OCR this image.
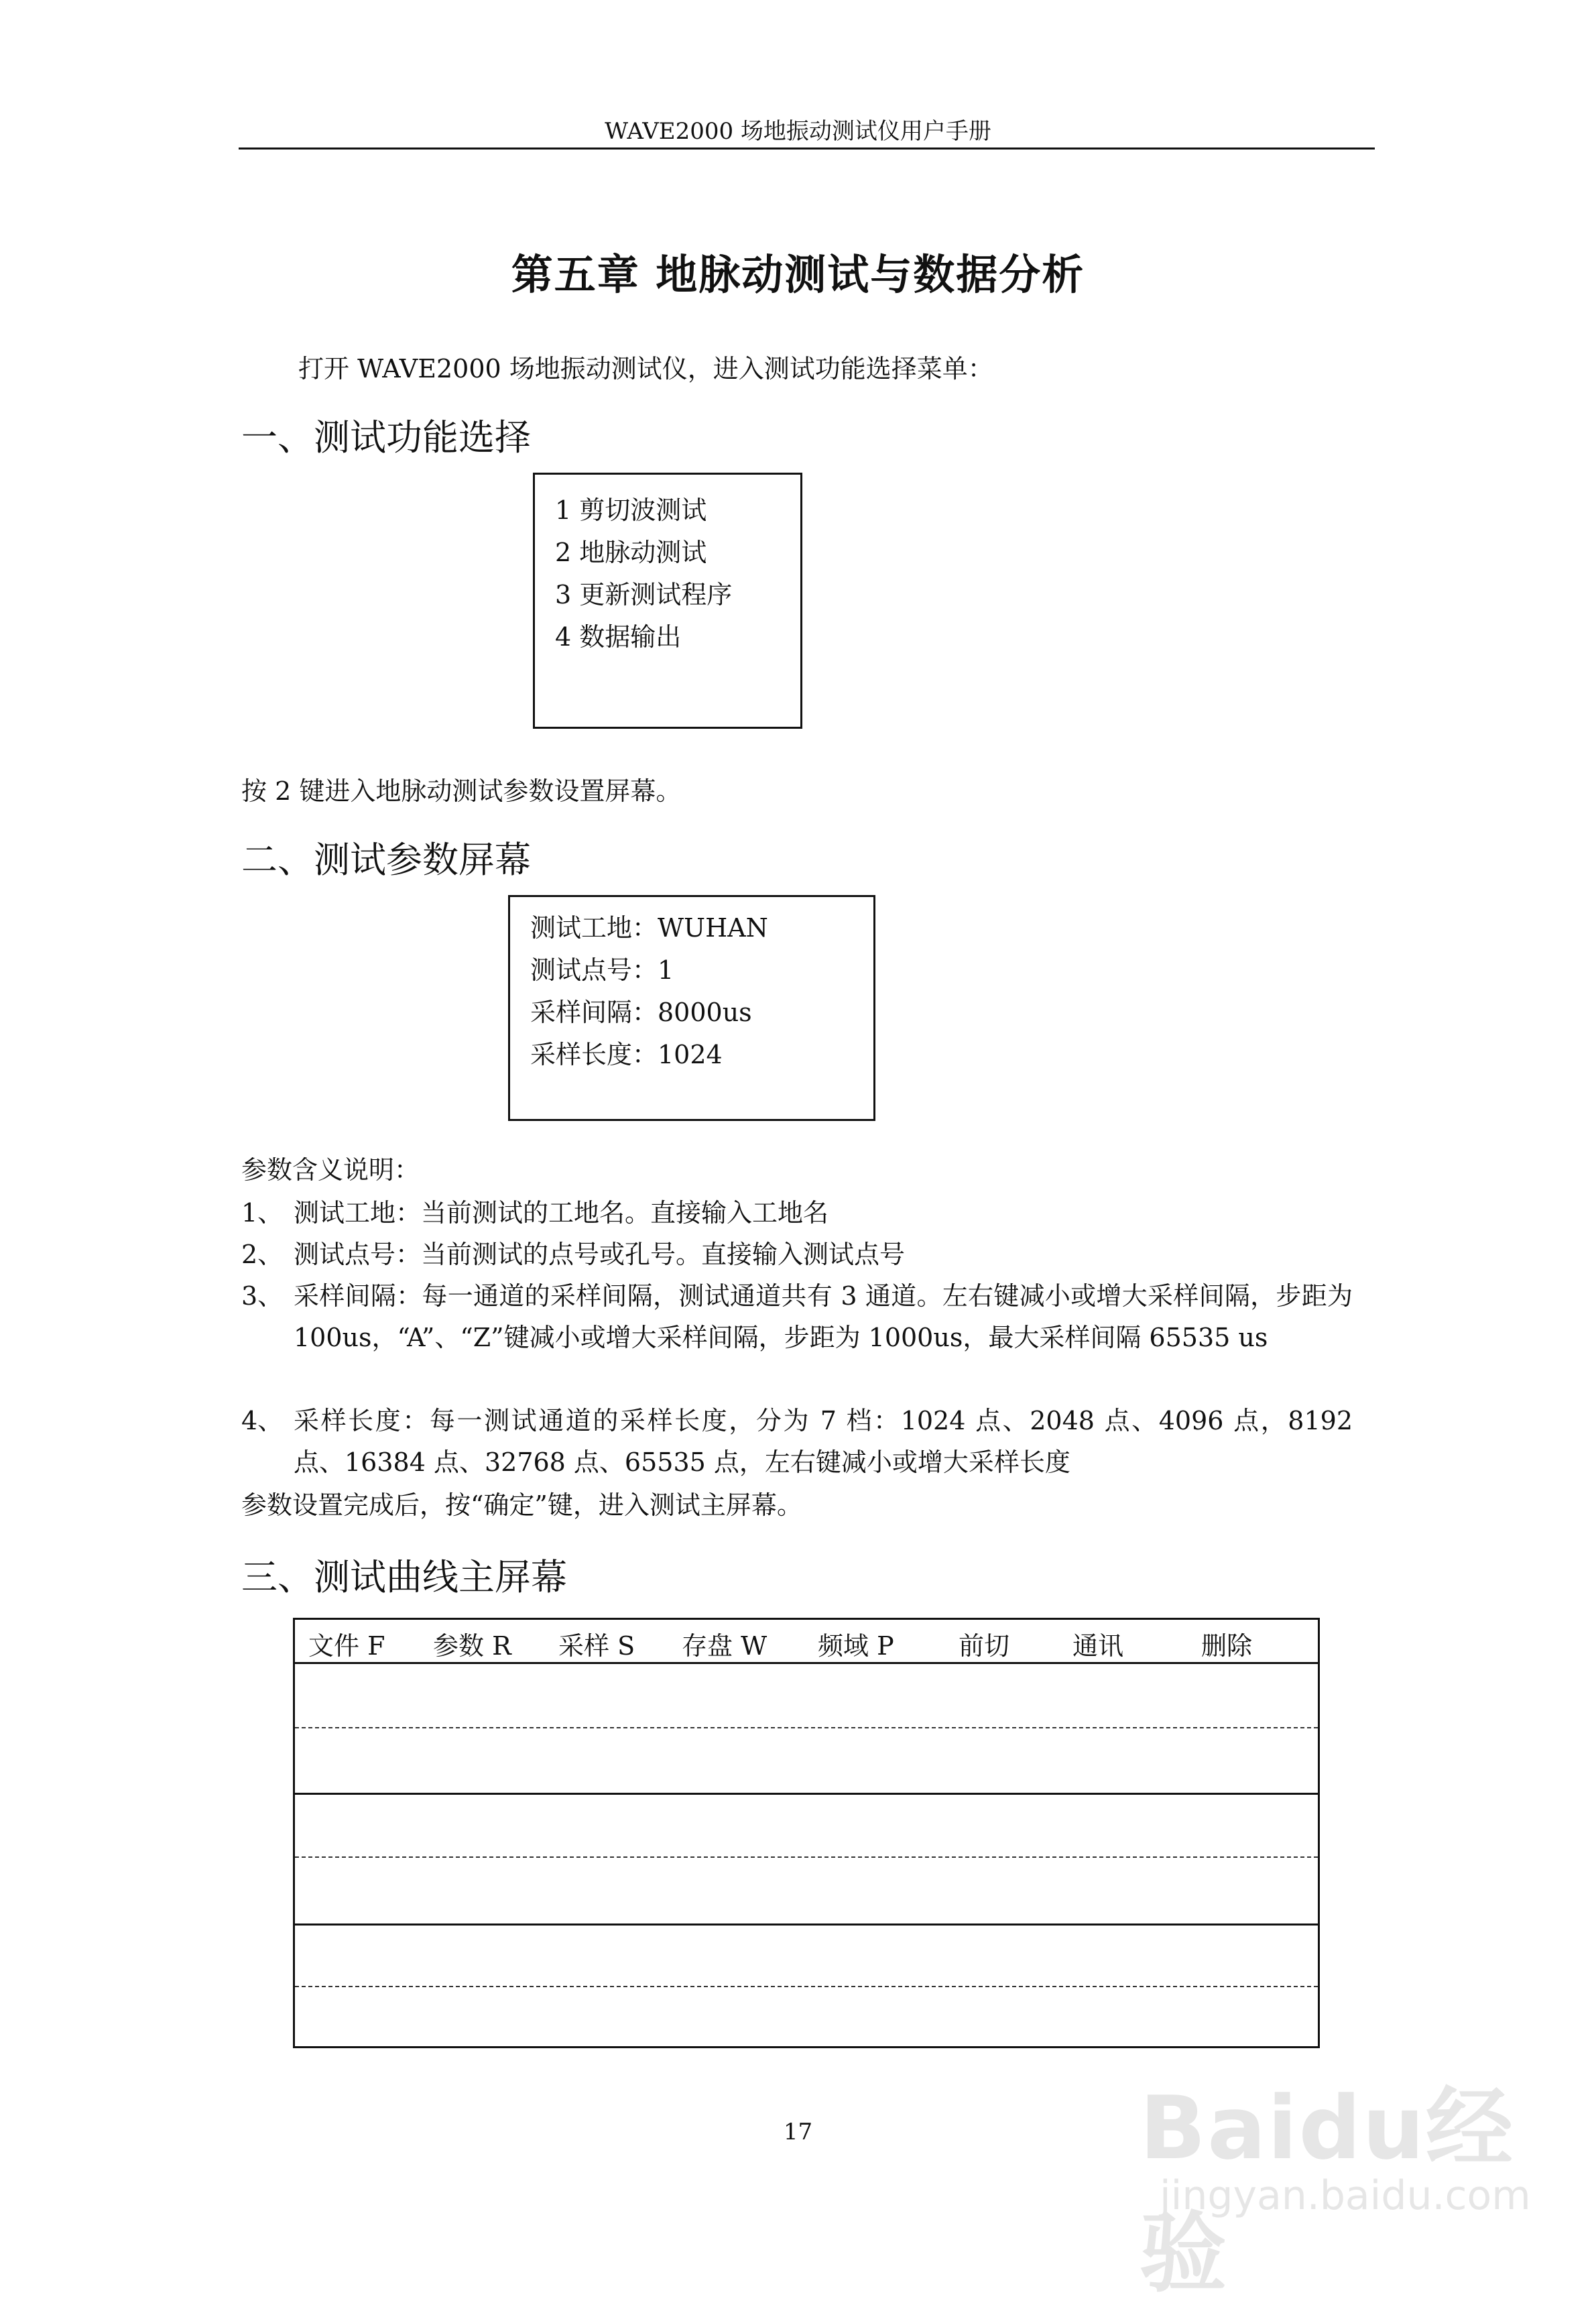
WAVE2000 场地振动测试仪用户手册
第五章 地脉动测试与数据分析
打开 WAVE2000 场地振动测试仪，进入测试功能选择菜单：
一、测试功能选择
1 剪切波测试
2 地脉动测试
3 更新测试程序
4 数据输出
按 2 键进入地脉动测试参数设置屏幕。
二、测试参数屏幕
测试工地：WUHAN
测试点号：1
采样间隔：8000us
采样长度：1024
参数含义说明：
1、 测试工地：当前测试的工地名。直接输入工地名
2、 测试点号：当前测试的点号或孔号。直接输入测试点号
3、 采样间隔：每一通道的采样间隔，测试通道共有 3 通道。左右键减小或增大采样间隔，步距为 100us，“A”、“Z”键减小或增大采样间隔，步距为 1000us，最大采样间隔 65535 us
4、 采样长度：每一测试通道的采样长度，分为 7 档：1024 点、2048 点、4096 点，8192 点、16384 点、32768 点、65535 点，左右键减小或增大采样长度
参数设置完成后，按“确定”键，进入测试主屏幕。
三、测试曲线主屏幕
文件 F 参数 R 采样 S 存盘 W 频域 P	前切 通讯	删除
17	Baidu经验
jingyan.baidu.com
